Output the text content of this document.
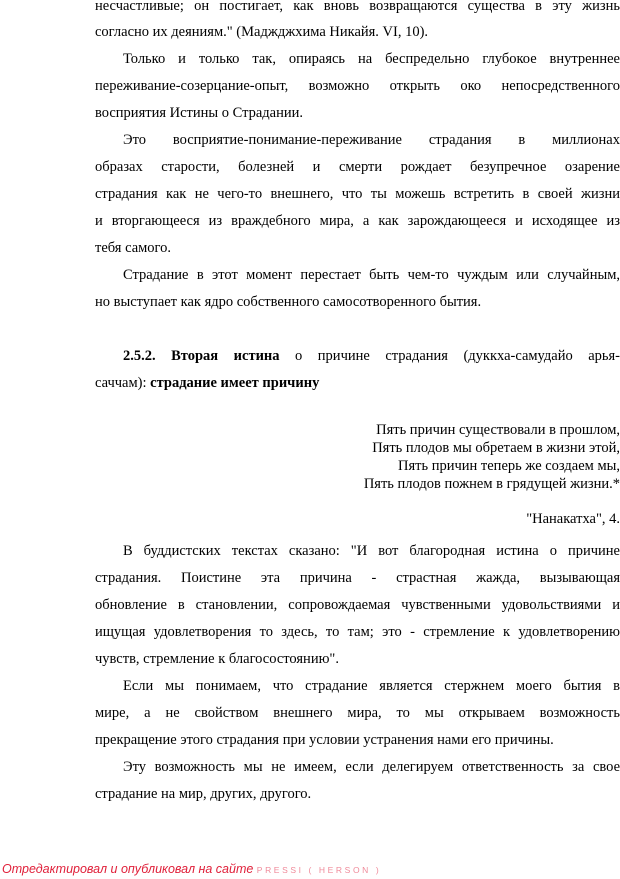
несчастливые; он постигает, как вновь возвращаются существа в эту жизнь
согласно их деяниям." (Маджджхима Никайя. VI, 10).
Только и только так, опираясь на беспредельно глубокое внутреннее
переживание-созерцание-опыт, возможно открыть око непосредственного
восприятия Истины о Страдании.
Это восприятие-понимание-переживание страдания в миллионах
образах старости, болезней и смерти рождает безупречное озарение
страдания как не чего-то внешнего, что ты можешь встретить в своей жизни
и вторгающееся из враждебного мира, а как зарождающееся и исходящее из
тебя самого.
Страдание в этот момент перестает быть чем-то чуждым или случайным,
но выступает как ядро собственного самосотворенного бытия.
2.5.2. Вторая истина о причине страдания (дуккха-самудайо арья-
саччам): страдание имеет причину
Пять причин существовали в прошлом,
Пять плодов мы обретаем в жизни этой,
Пять причин теперь же создаем мы,
Пять плодов пожнем в грядущей жизни.*
"Нанакатха", 4.
В буддистских текстах сказано: "И вот благородная истина о причине
страдания. Поистине эта причина - страстная жажда, вызывающая
обновление в становлении, сопровождаемая чувственными удовольствиями и
ищущая удовлетворения то здесь, то там; это - стремление к удовлетворению
чувств, стремление к благосостоянию".
Если мы понимаем, что страдание является стержнем моего бытия в
мире, а не свойством внешнего мира, то мы открываем возможность
прекращение этого страдания при условии устранения нами его причины.
Эту возможность мы не имеем, если делегируем ответственность за свое
страдание на мир, других, другого.
Отредактировал и опубликовал на сайте PRESSI ( HERSON )
